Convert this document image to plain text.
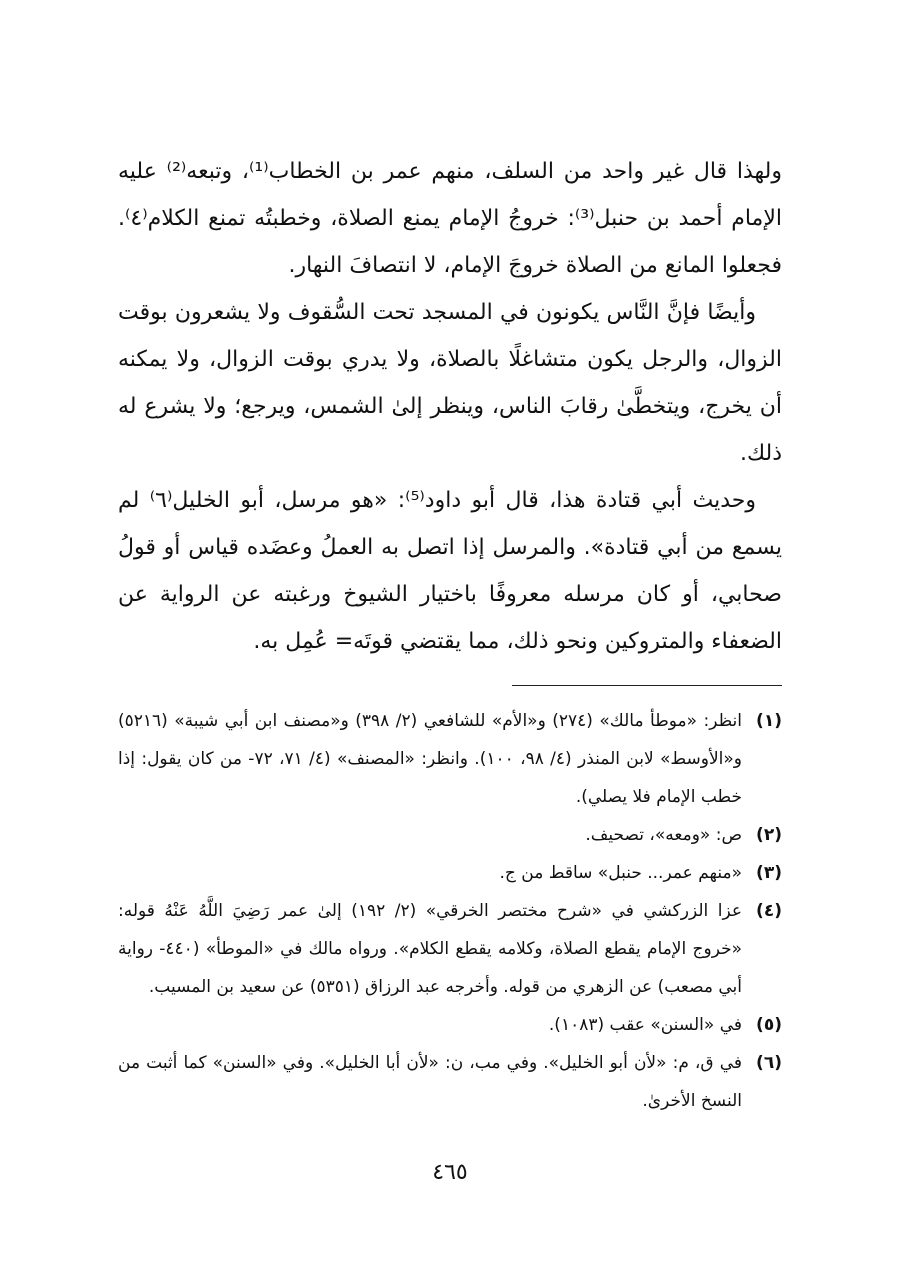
ولهذا قال غير واحد من السلف، منهم عمر بن الخطاب⁽¹⁾، وتبعه⁽²⁾ عليه الإمام أحمد بن حنبل⁽³⁾: خروجُ الإمام يمنع الصلاة، وخطبتُه تمنع الكلام⁽٤⁾. فجعلوا المانع من الصلاة خروجَ الإمام، لا انتصافَ النهار.

وأيضًا فإنَّ النَّاس يكونون في المسجد تحت السُّقوف ولا يشعرون بوقت الزوال، والرجل يكون متشاغلًا بالصلاة، ولا يدري بوقت الزوال، ولا يمكنه أن يخرج، ويتخطَّىٰ رقابَ الناس، وينظر إلىٰ الشمس، ويرجع؛ ولا يشرع له ذلك.

وحديث أبي قتادة هذا، قال أبو داود⁽⁵⁾: «هو مرسل، أبو الخليل⁽٦⁾ لم يسمع من أبي قتادة». والمرسل إذا اتصل به العملُ وعضَده قياس أو قولُ صحابي، أو كان مرسله معروفًا باختيار الشيوخ ورغبته عن الرواية عن الضعفاء والمتروكين ونحو ذلك، مما يقتضي قوتَه= عُمِل به.

(١)
انظر: «موطأ مالك» (٢٧٤) و«الأم» للشافعي (٢/ ٣٩٨) و«مصنف ابن أبي شيبة» (٥٢١٦) و«الأوسط» لابن المنذر (٤/ ٩٨، ١٠٠). وانظر: «المصنف» (٤/ ٧١، ٧٢- من كان يقول: إذا خطب الإمام فلا يصلي).
(٢)
ص: «ومعه»، تصحيف.
(٣)
«منهم عمر... حنبل» ساقط من ج.
(٤)
عزا الزركشي في «شرح مختصر الخرقي» (٢/ ١٩٢) إلىٰ عمر رَضِيَ اللَّهُ عَنْهُ قوله: «خروج الإمام يقطع الصلاة، وكلامه يقطع الكلام». ورواه مالك في «الموطأ» (٤٤٠- رواية أبي مصعب) عن الزهري من قوله. وأخرجه عبد الرزاق (٥٣٥١) عن سعيد بن المسيب.
(٥)
في «السنن» عقب (١٠٨٣).
(٦)
في ق، م: «لأن أبو الخليل». وفي مب، ن: «لأن أبا الخليل». وفي «السنن» كما أثبت من النسخ الأخرىٰ.
٤٦٥
